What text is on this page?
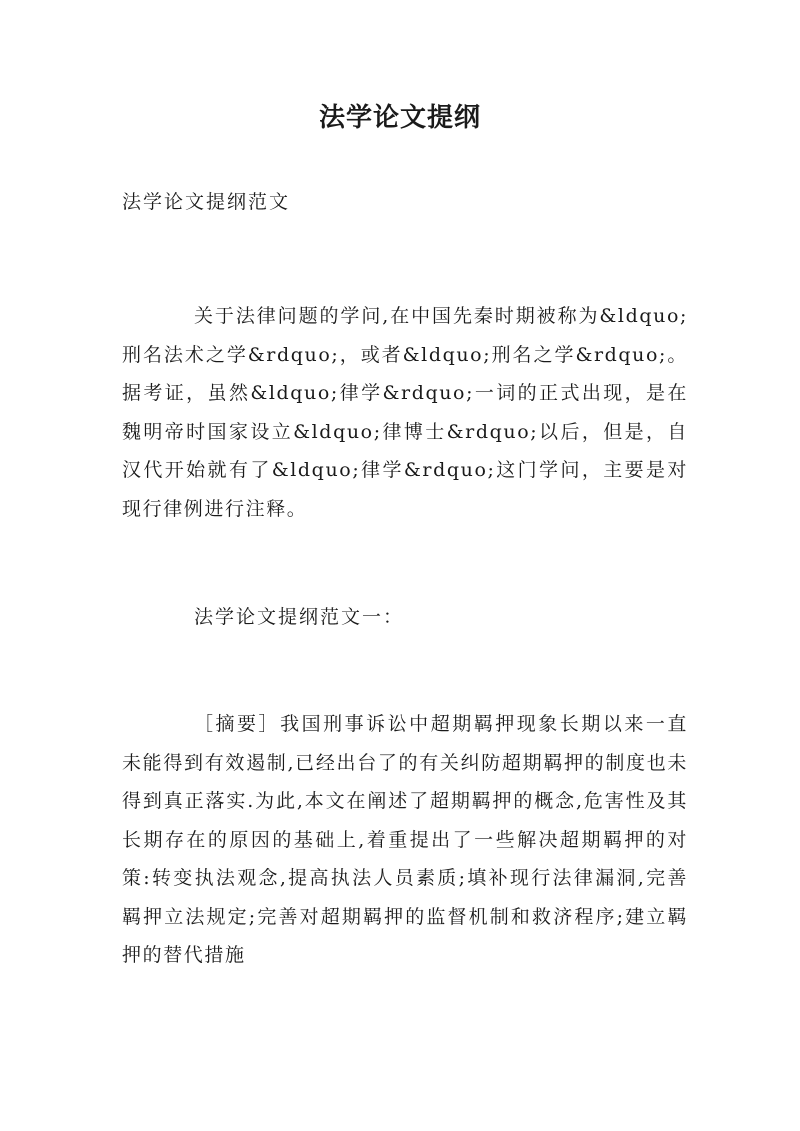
法学论文提纲
法学论文提纲范文
关于法律问题的学问,在中国先秦时期被称为&ldquo;刑名法术之学&rdquo;，或者&ldquo;刑名之学&rdquo;。据考证，虽然&ldquo;律学&rdquo;一词的正式出现，是在魏明帝时国家设立&ldquo;律博士&rdquo;以后，但是，自汉代开始就有了&ldquo;律学&rdquo;这门学问，主要是对现行律例进行注释。
法学论文提纲范文一：
［摘要］我国刑事诉讼中超期羁押现象长期以来一直未能得到有效遏制,已经出台了的有关纠防超期羁押的制度也未得到真正落实.为此,本文在阐述了超期羁押的概念,危害性及其长期存在的原因的基础上,着重提出了一些解决超期羁押的对策:转变执法观念,提高执法人员素质;填补现行法律漏洞,完善羁押立法规定;完善对超期羁押的监督机制和救济程序;建立羁押的替代措施
